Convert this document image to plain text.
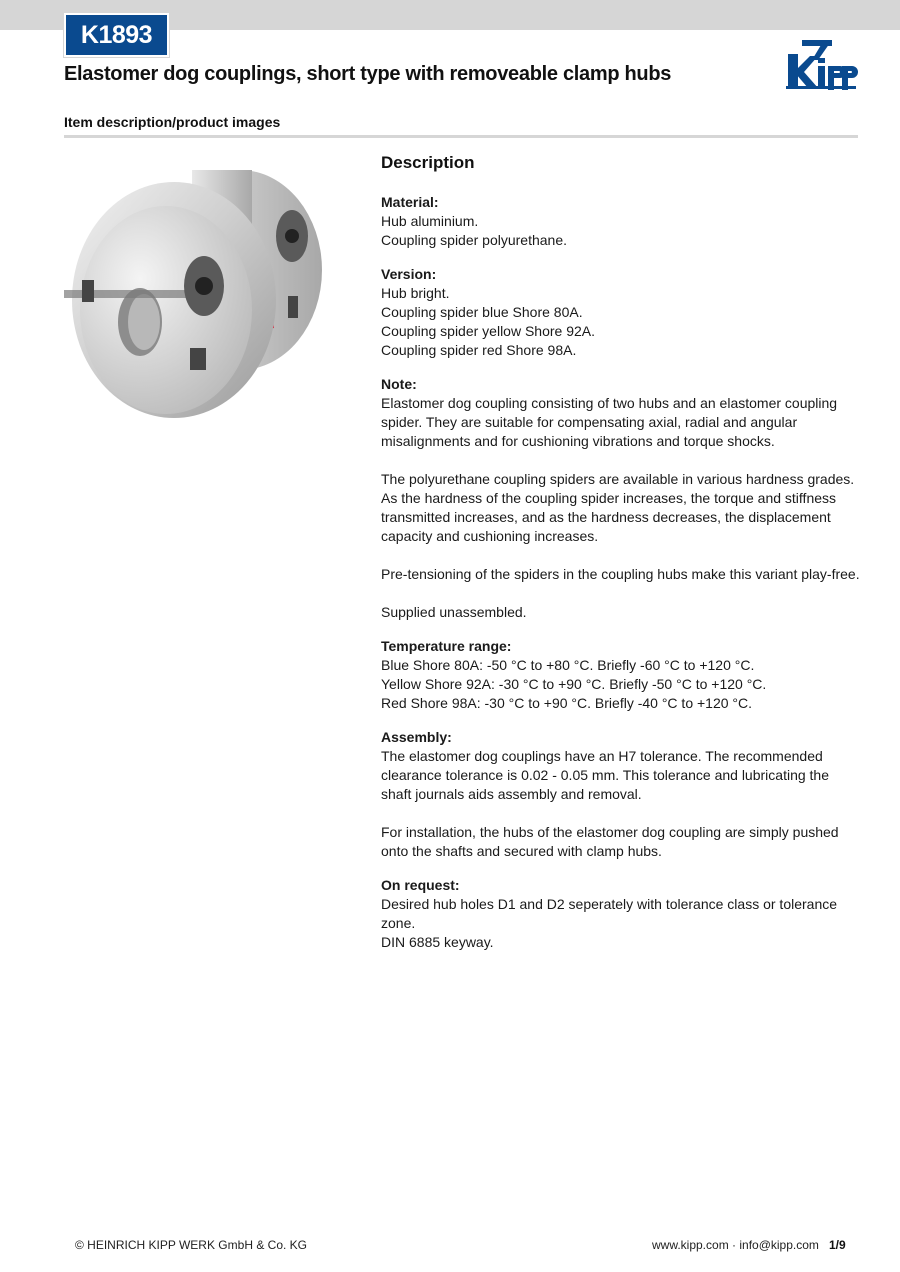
K1893
Elastomer dog couplings, short type with removeable clamp hubs
Item description/product images
Description
Material:
Hub aluminium.
Coupling spider polyurethane.
Version:
Hub bright.
Coupling spider blue Shore 80A.
Coupling spider yellow Shore 92A.
Coupling spider red Shore 98A.
Note:
Elastomer dog coupling consisting of two hubs and an elastomer coupling spider. They are suitable for compensating axial, radial and angular misalignments and for cushioning vibrations and torque shocks.
The polyurethane coupling spiders are available in various hardness grades. As the hardness of the coupling spider increases, the torque and stiffness transmitted increases, and as the hardness decreases, the displacement capacity and cushioning increases.
Pre-tensioning of the spiders in the coupling hubs make this variant play-free.
Supplied unassembled.
Temperature range:
Blue Shore 80A: -50 °C to +80 °C. Briefly -60 °C to +120 °C.
Yellow Shore 92A: -30 °C to +90 °C. Briefly -50 °C to +120 °C.
Red Shore 98A: -30 °C to +90 °C. Briefly -40 °C to +120 °C.
Assembly:
The elastomer dog couplings have an H7 tolerance. The recommended clearance tolerance is 0.02 - 0.05 mm. This tolerance and lubricating the shaft journals aids assembly and removal.
For installation, the hubs of the elastomer dog coupling are simply pushed onto the shafts and secured with clamp hubs.
On request:
Desired hub holes D1 and D2 seperately with tolerance class or tolerance zone.
DIN 6885 keyway.
© HEINRICH KIPP WERK GmbH & Co. KG	www.kipp.com · info@kipp.com 1/9
